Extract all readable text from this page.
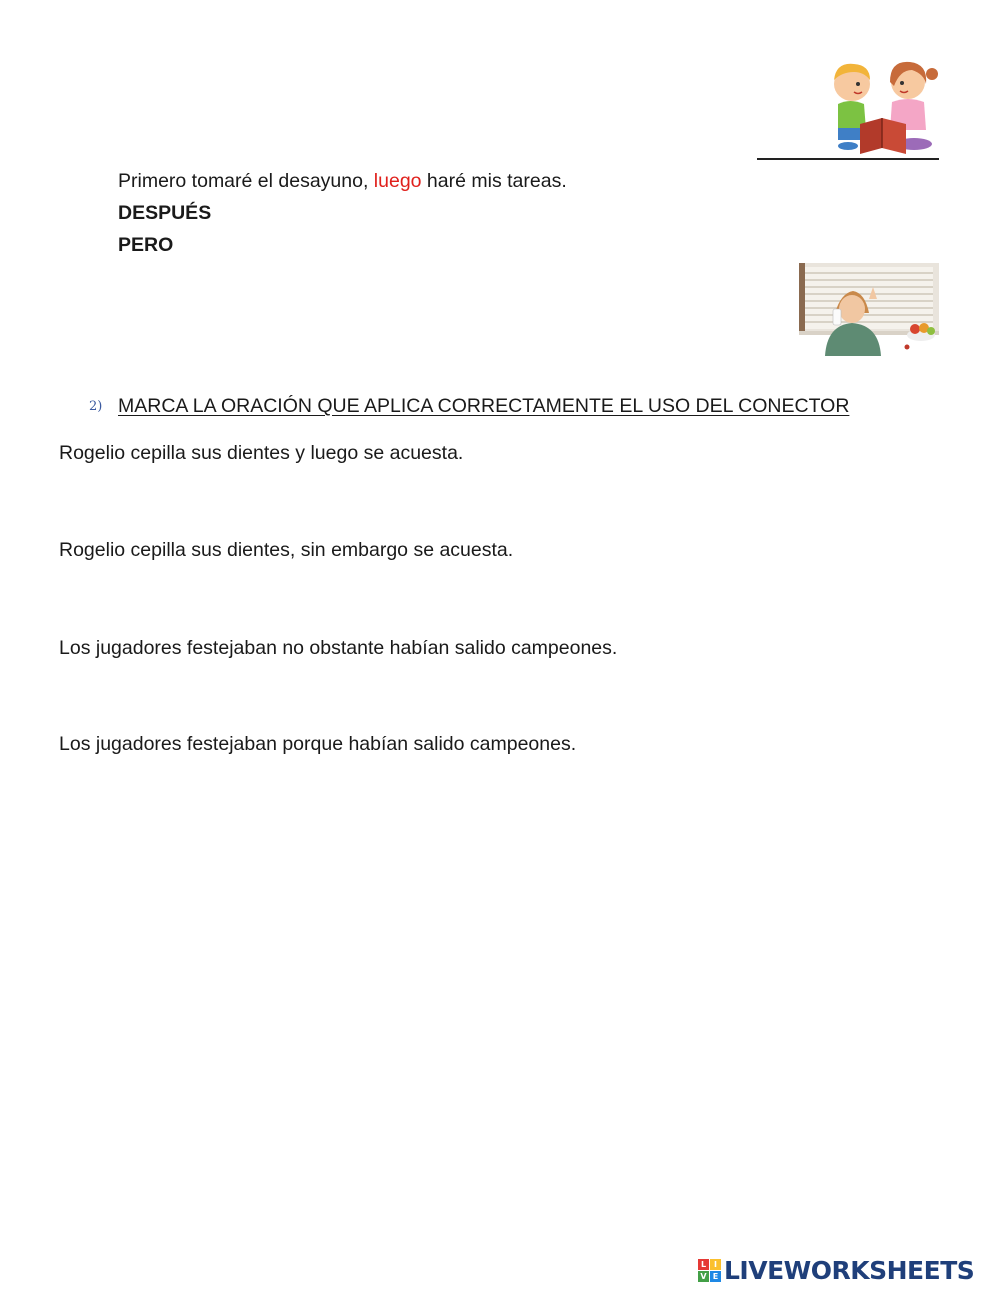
Primero tomaré el desayuno, luego haré mis tareas.
DESPUÉS
PERO
2) MARCA LA ORACIÓN QUE APLICA CORRECTAMENTE EL USO DEL CONECTOR
Rogelio cepilla sus dientes y luego se acuesta.
Rogelio cepilla sus dientes, sin embargo se acuesta.
Los jugadores festejaban no obstante habían salido campeones.
Los jugadores festejaban porque habían salido campeones.
L I
V E LIVEWORKSHEETS
